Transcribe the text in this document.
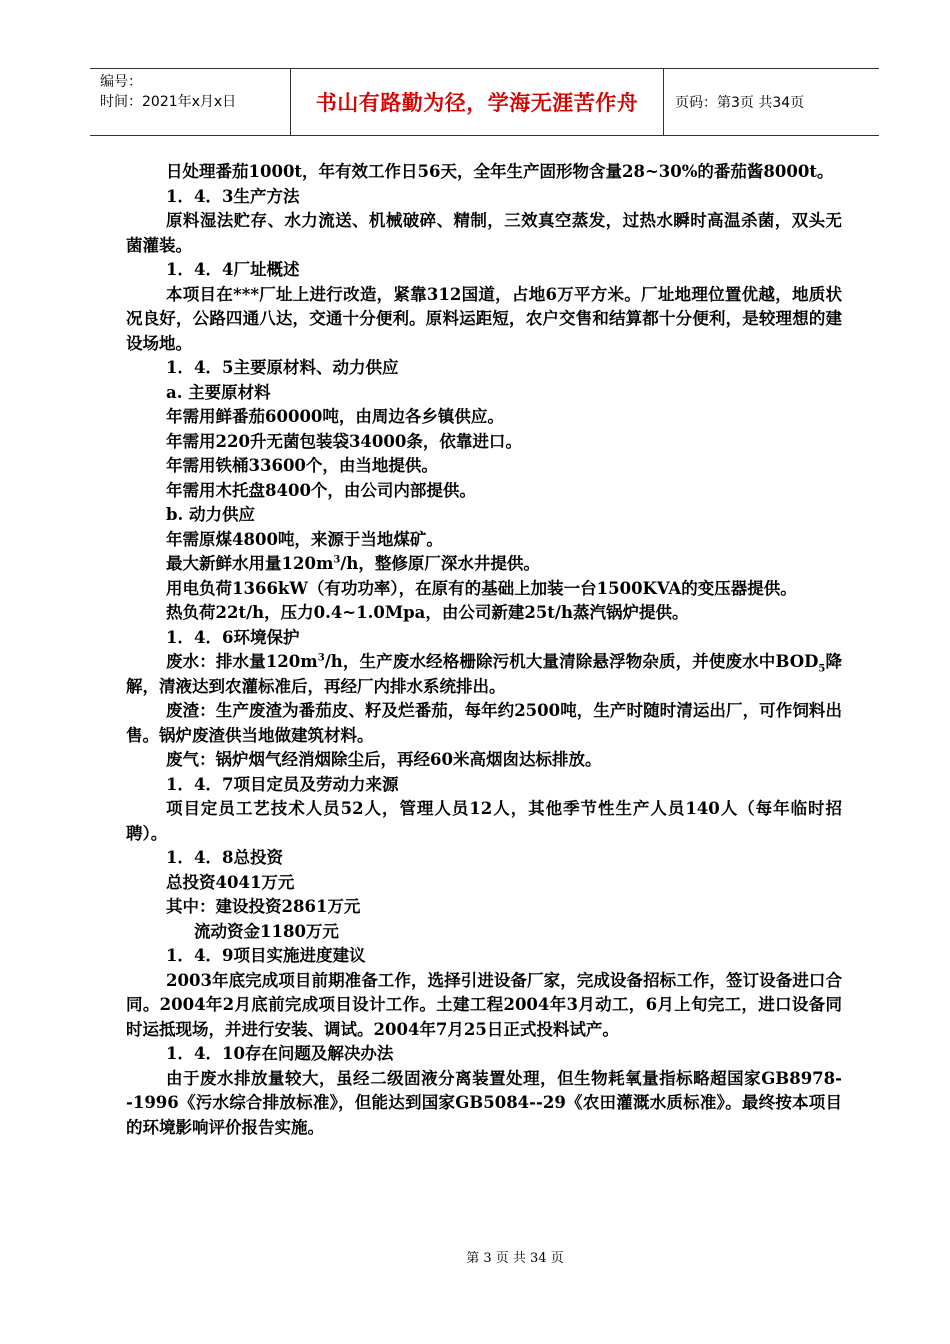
编号：
时间：2021年x月x日	书山有路勤为径，学海无涯苦作舟	页码：第3页 共34页

日处理番茄1000t，年有效工作日56天，全年生产固形物含量28~30%的番茄酱8000t。

1．4．3生产方法

原料湿法贮存、水力流送、机械破碎、精制，三效真空蒸发，过热水瞬时高温杀菌，双头无菌灌装。

1．4．4厂址概述

本项目在***厂址上进行改造，紧靠312国道，占地6万平方米。厂址地理位置优越，地质状况良好，公路四通八达，交通十分便利。原料运距短，农户交售和结算都十分便利，是较理想的建设场地。

1．4．5主要原材料、动力供应

a. 主要原材料

年需用鲜番茄60000吨，由周边各乡镇供应。

年需用220升无菌包装袋34000条，依靠进口。

年需用铁桶33600个，由当地提供。

年需用木托盘8400个，由公司内部提供。

b. 动力供应

年需原煤4800吨，来源于当地煤矿。

最大新鲜水用量$120m^3/h$，整修原厂深水井提供。

用电负荷1366kW（有功功率），在原有的基础上加装一台1500KVA的变压器提供。

热负荷22t/h，压力0.4~1.0Mpa，由公司新建25t/h蒸汽锅炉提供。

1．4．6环境保护

废水：排水量$120m^3/h$，生产废水经格栅除污机大量清除悬浮物杂质，并使废水中$BOD_5$降解，清液达到农灌标准后，再经厂内排水系统排出。

废渣：生产废渣为番茄皮、籽及烂番茄，每年约2500吨，生产时随时清运出厂，可作饲料出售。锅炉废渣供当地做建筑材料。

废气：锅炉烟气经消烟除尘后，再经60米高烟囱达标排放。

1．4．7项目定员及劳动力来源

项目定员工艺技术人员52人，管理人员12人，其他季节性生产人员140人（每年临时招聘）。

1．4．8总投资

总投资4041万元

其中：建设投资2861万元

流动资金1180万元

1．4．9项目实施进度建议

2003年底完成项目前期准备工作，选择引进设备厂家，完成设备招标工作，签订设备进口合同。2004年2月底前完成项目设计工作。土建工程2004年3月动工，6月上旬完工，进口设备同时运抵现场，并进行安装、调试。2004年7月25日正式投料试产。

1．4．10存在问题及解决办法

由于废水排放量较大，虽经二级固液分离装置处理，但生物耗氧量指标略超国家GB8978--1996《污水综合排放标准》，但能达到国家GB5084--29《农田灌溉水质标准》。最终按本项目的环境影响评价报告实施。

第 3 页 共 34 页
